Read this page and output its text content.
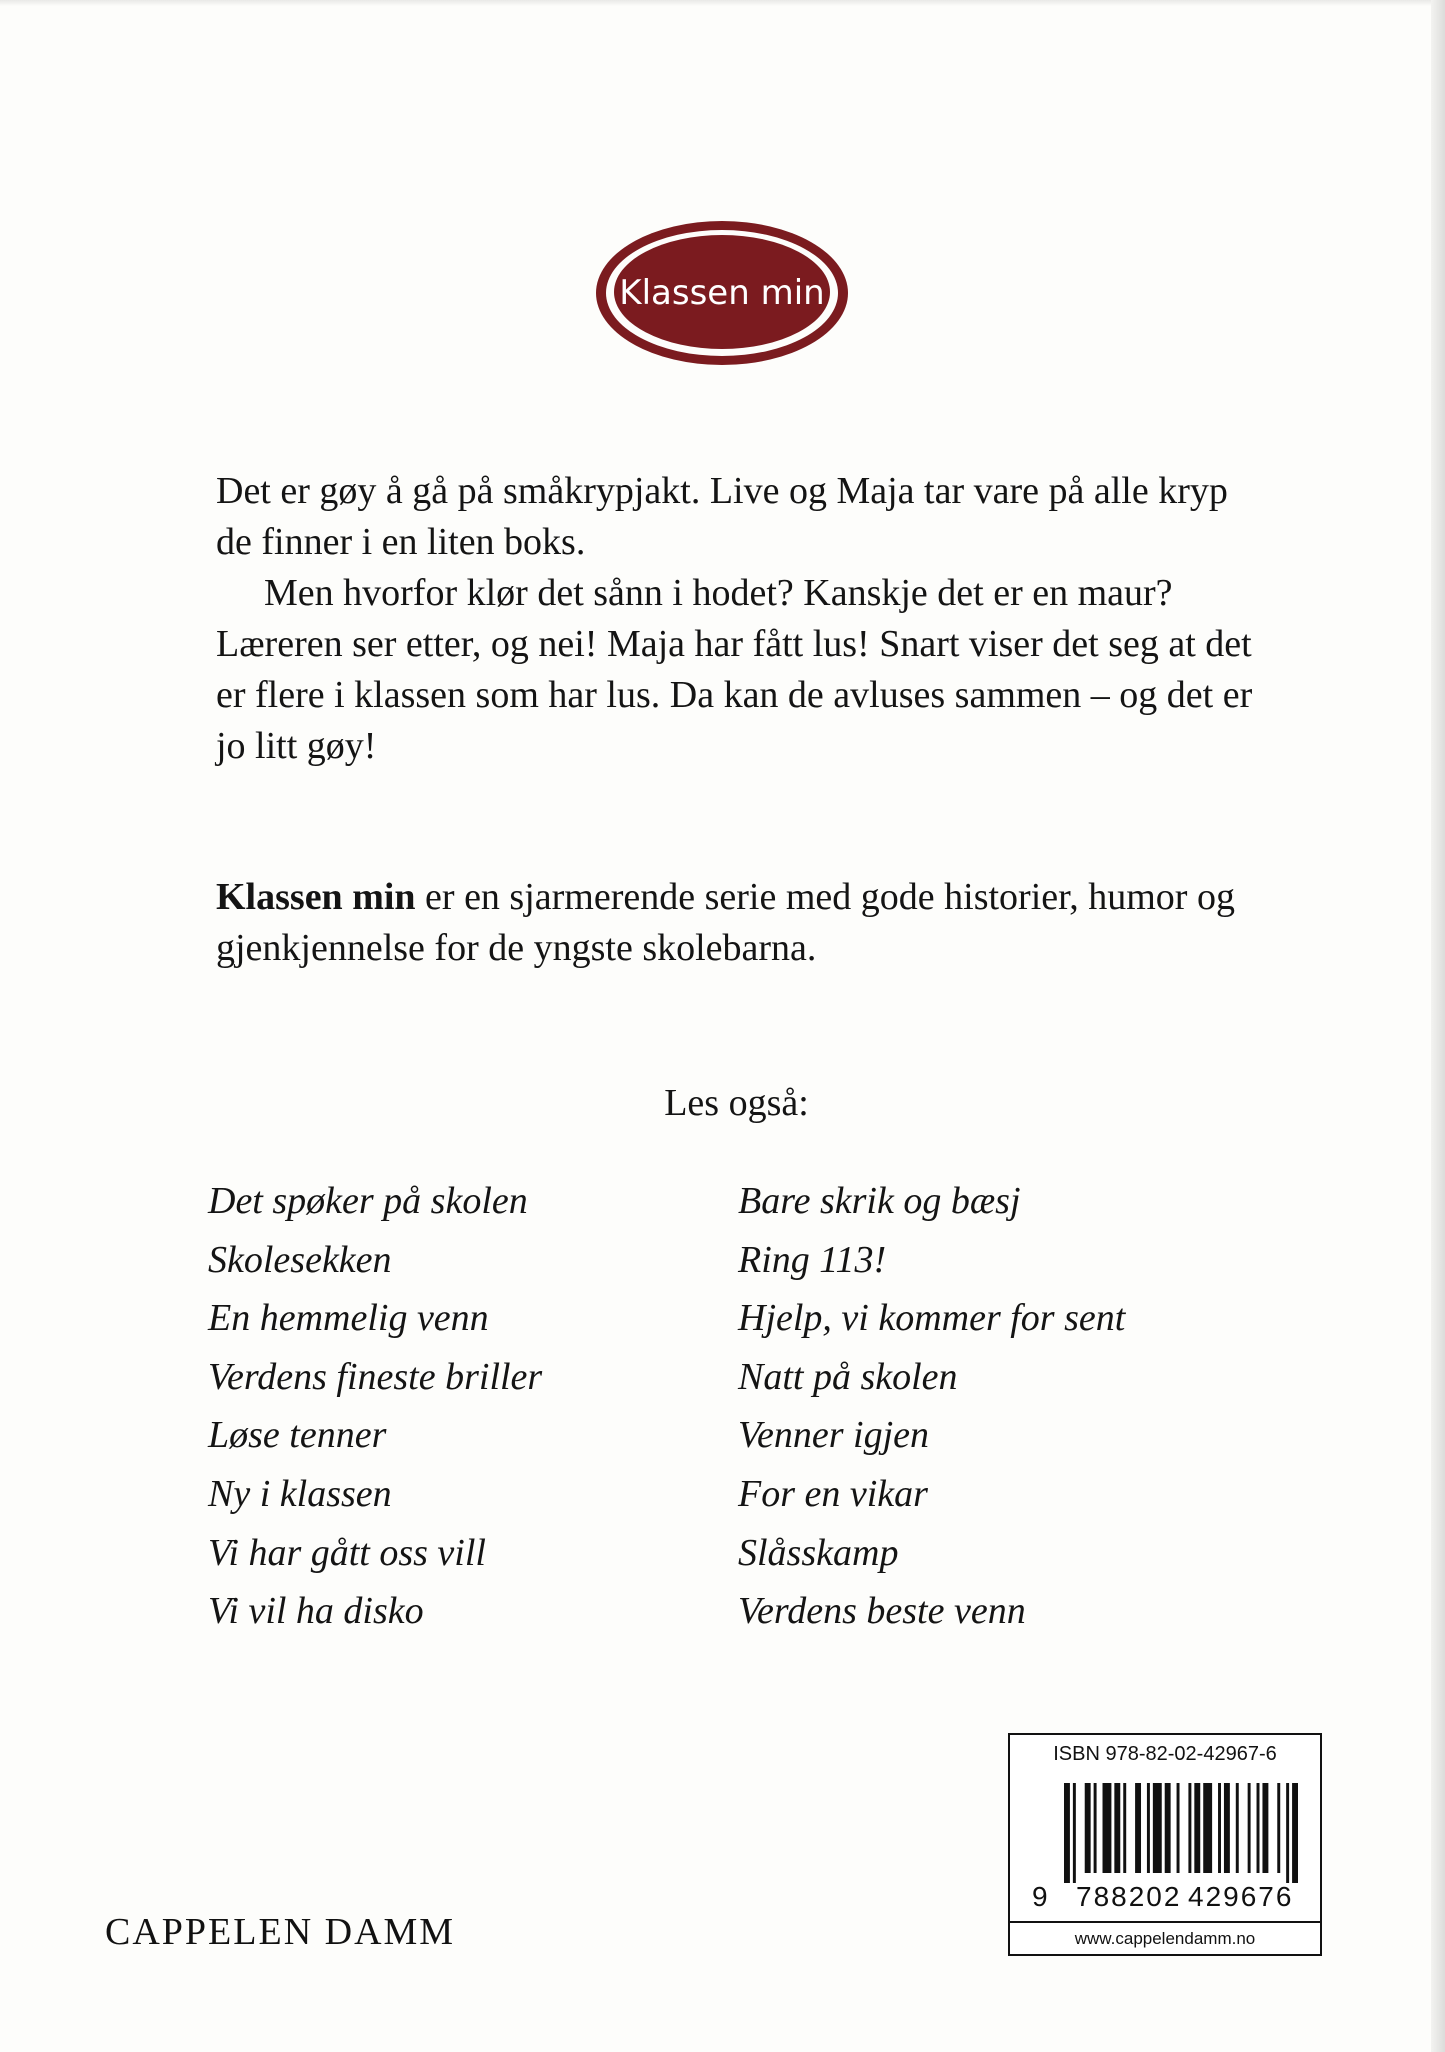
Klassen min

Det er gøy å gå på småkrypjakt. Live og Maja tar vare på alle kryp de finner i en liten boks.

Men hvorfor klør det sånn i hodet? Kanskje det er en maur? Læreren ser etter, og nei! Maja har fått lus! Snart viser det seg at det er flere i klassen som har lus. Da kan de avluses sammen – og det er jo litt gøy!

Klassen min er en sjarmerende serie med gode historier, humor og gjenkjennelse for de yngste skolebarna.

Les også:
Det spøker på skolen
Skolesekken
En hemmelig venn
Verdens fineste briller
Løse tenner
Ny i klassen
Vi har gått oss vill
Vi vil ha disko
Bare skrik og bæsj
Ring 113!
Hjelp, vi kommer for sent
Natt på skolen
Venner igjen
For en vikar
Slåsskamp
Verdens beste venn
CAPPELEN DAMM
ISBN 978-82-02-42967-6
9 788202 429676
www.cappelendamm.no
